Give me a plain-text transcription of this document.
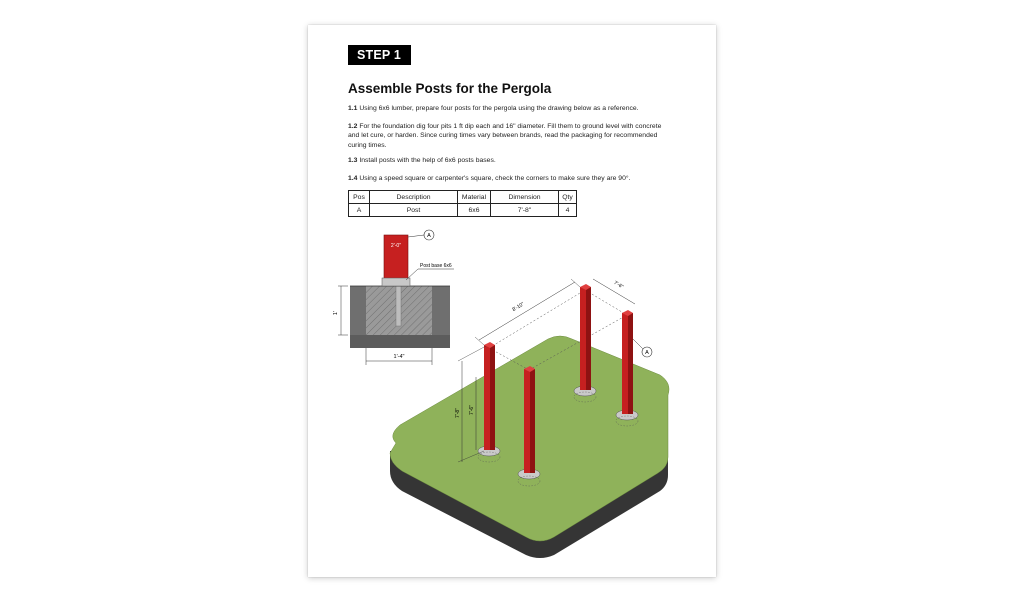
STEP 1
Assemble Posts for the Pergola

1.1 Using 6x6 lumber, prepare four posts for the pergola using the drawing below as a reference.

1.2 For the foundation dig four pits 1 ft dip each and 16" diameter. Fill them to ground level with concrete and let cure, or harden. Since curing times vary between brands, read the packaging for recommended curing times.

1.3 Install posts with the help of 6x6 posts bases.

1.4 Using a speed square or carpenter's square, check the corners to make sure they are 90°.

Pos	Description	Material	Dimension	Qty
A	Post	6x6	7'-8"	4
2'-0"
A
Post base 6x6
1'
1'-4"
8'-10"
7'-6"
7'-8" 7'-6"
A
